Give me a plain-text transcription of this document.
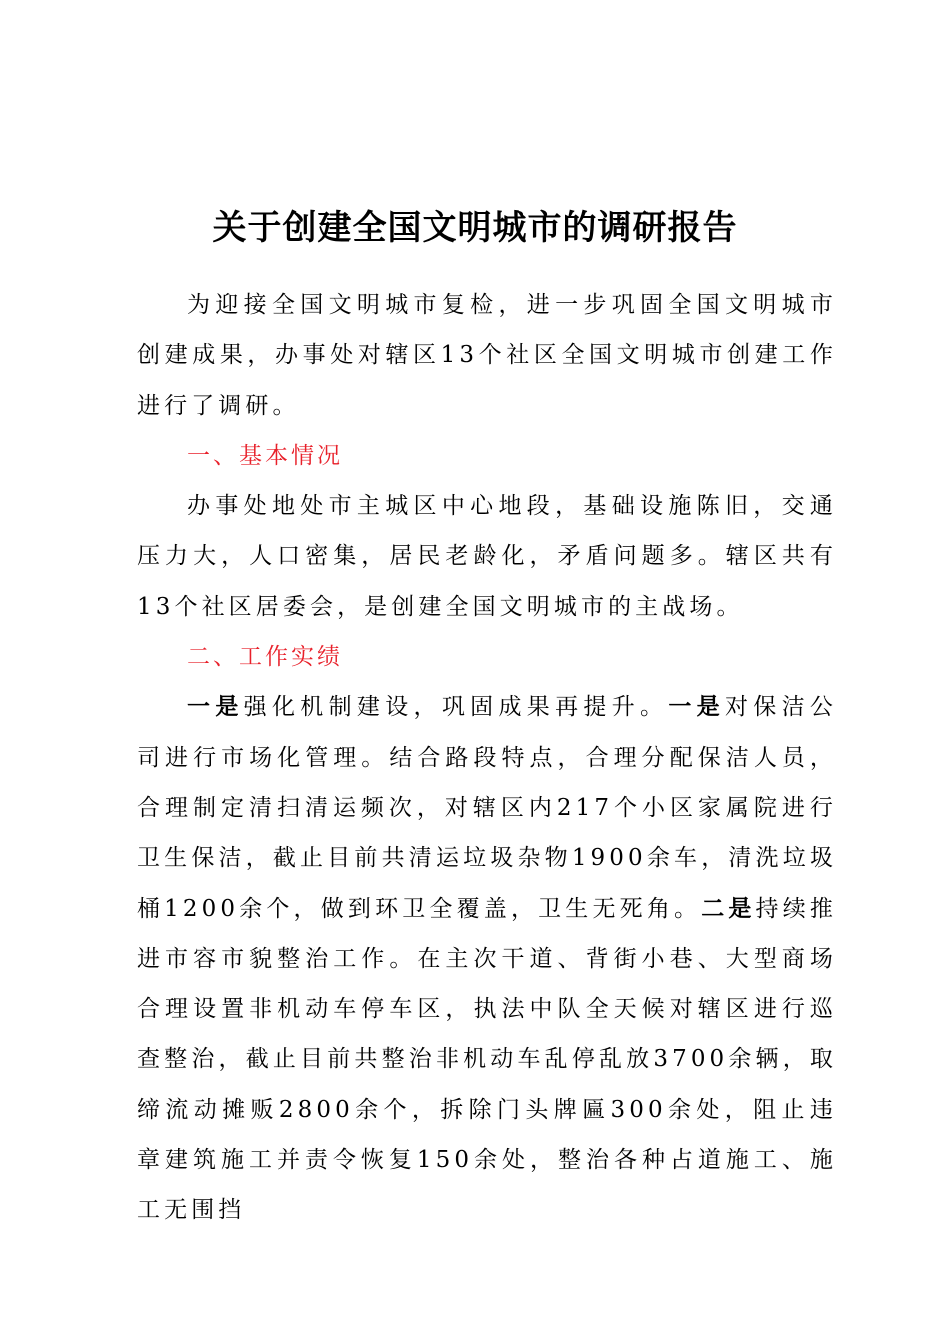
关于创建全国文明城市的调研报告

为迎接全国文明城市复检，进一步巩固全国文明城市创建成果，办事处对辖区13个社区全国文明城市创建工作进行了调研。

一、基本情况

办事处地处市主城区中心地段，基础设施陈旧，交通压力大，人口密集，居民老龄化，矛盾问题多。辖区共有13个社区居委会，是创建全国文明城市的主战场。

二、工作实绩

一是强化机制建设，巩固成果再提升。一是对保洁公司进行市场化管理。结合路段特点，合理分配保洁人员，合理制定清扫清运频次，对辖区内217个小区家属院进行卫生保洁，截止目前共清运垃圾杂物1900余车，清洗垃圾桶1200余个，做到环卫全覆盖，卫生无死角。二是持续推进市容市貌整治工作。在主次干道、背街小巷、大型商场合理设置非机动车停车区，执法中队全天候对辖区进行巡查整治，截止目前共整治非机动车乱停乱放3700余辆，取缔流动摊贩2800余个，拆除门头牌匾300余处，阻止违章建筑施工并责令恢复150余处，整治各种占道施工、施工无围挡
